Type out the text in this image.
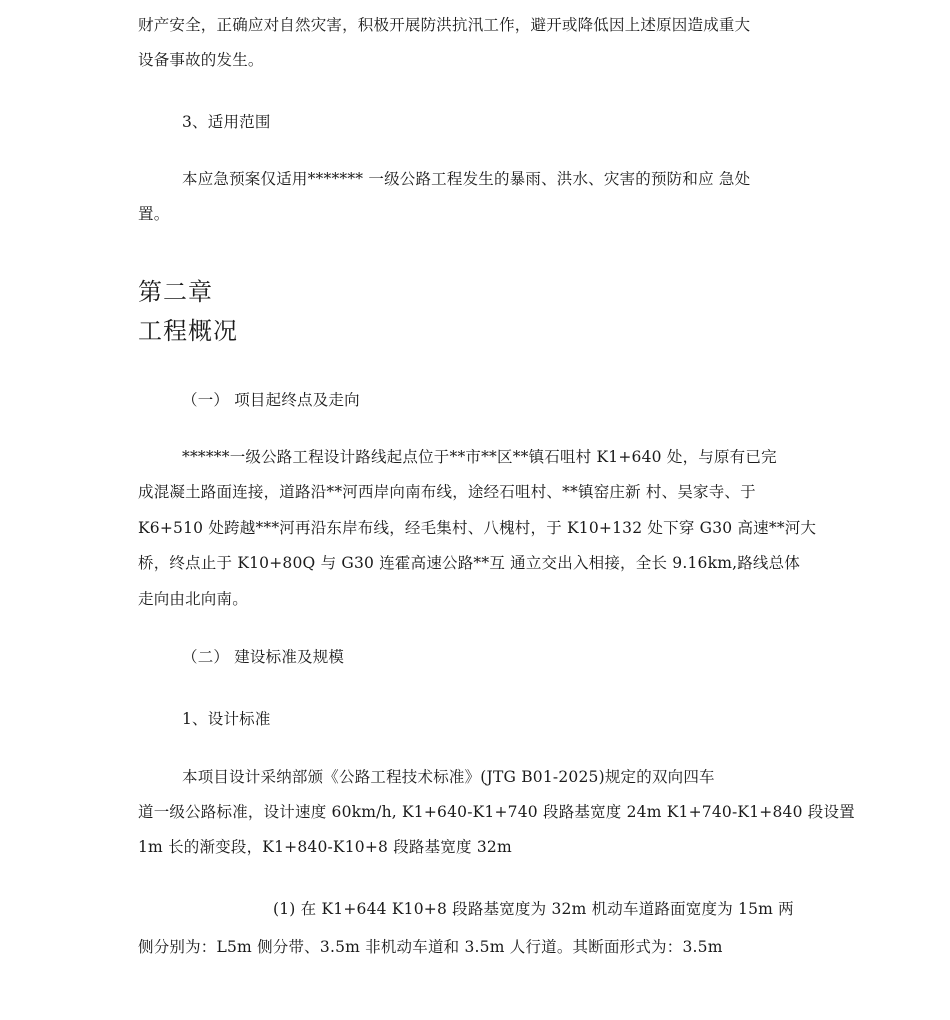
财产安全，正确应对自然灾害，积极开展防洪抗汛工作，避开或降低因上述原因造成重大
设备事故的发生。
3、适用范围
本应急预案仅适用******* 一级公路工程发生的暴雨、洪水、灾害的预防和应 急处
置。
第二章
工程概况
（一） 项目起终点及走向
******一级公路工程设计路线起点位于**市**区**镇石咀村 K1+640 处，与原有已完
成混凝土路面连接，道路沿**河西岸向南布线，途经石咀村、**镇窑庄新 村、吴家寺、于
K6+510 处跨越***河再沿东岸布线，经毛集村、八槐村，于 K10+132 处下穿 G30 高速**河大
桥，终点止于 K10+80Q 与 G30 连霍高速公路**互 通立交出入相接，全长 9.16km,路线总体
走向由北向南。
（二） 建设标准及规模
1、设计标准
本项目设计采纳部颁《公路工程技术标准》(JTG B01-2025)规定的双向四车
道一级公路标准，设计速度 60km/h, K1+640-K1+740 段路基宽度 24m K1+740-K1+840 段设置
1m 长的渐变段，K1+840-K10+8 段路基宽度 32m
(1) 在 K1+644 K10+8 段路基宽度为 32m 机动车道路面宽度为 15m 两
侧分别为：L5m 侧分带、3.5m 非机动车道和 3.5m 人行道。其断面形式为：3.5m
